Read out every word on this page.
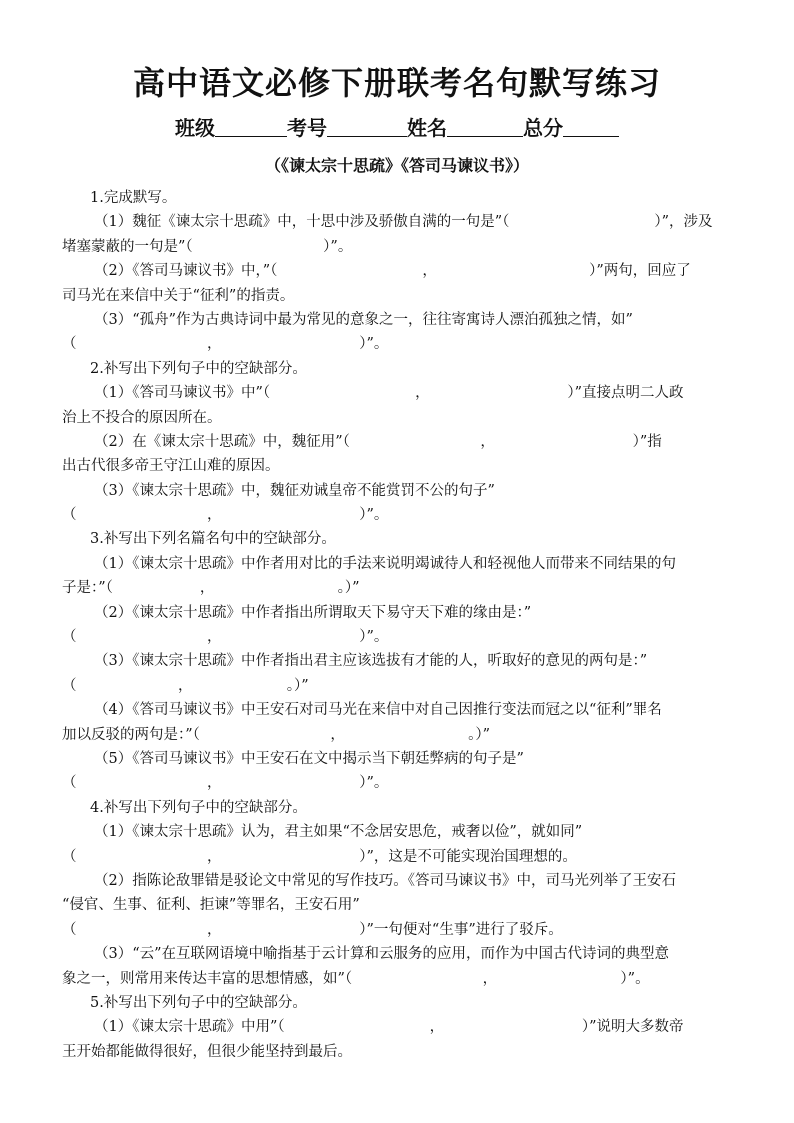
高中语文必修下册联考名句默写练习
班级	考号	姓名	总分
（《谏太宗十思疏》《答司马谏议书》）
1.完成默写。
（1）魏征《谏太宗十思疏》中，十思中涉及骄傲自满的一句是”（　　　　　　　　　　）”，涉及
堵塞蒙蔽的一句是”（　　　　　　　　　）”。
（2）《答司马谏议书》中，”（　　　　　　　　　　，　　　　　　　　　　　）”两句，回应了
司马光在来信中关于“征利”的指责。
（3）“孤舟”作为古典诗词中最为常见的意象之一，往往寄寓诗人漂泊孤独之情，如”
（　　　　　　　　　，　　　　　　　　　　）”。
2.补写出下列句子中的空缺部分。
（1）《答司马谏议书》中”（　　　　　　　　　　，　　　　　　　　　　）”直接点明二人政
治上不投合的原因所在。
（2）在《谏太宗十思疏》中，魏征用”（　　　　　　　　　，　　　　　　　　　　）”指
出古代很多帝王守江山难的原因。
（3）《谏太宗十思疏》中，魏征劝诫皇帝不能赏罚不公的句子”
（　　　　　　　　　，　　　　　　　　　　）”。
3.补写出下列名篇名句中的空缺部分。
（1）《谏太宗十思疏》中作者用对比的手法来说明竭诚待人和轻视他人而带来不同结果的句
子是：”（　　　　　　，　　　　　　　　　。）”
（2）《谏太宗十思疏》中作者指出所谓取天下易守天下难的缘由是：”
（　　　　　　　　　，　　　　　　　　　　）”。
（3）《谏太宗十思疏》中作者指出君主应该选拔有才能的人，听取好的意见的两句是：”
（　　　　　　　，　　　　　　　。）”
（4）《答司马谏议书》中王安石对司马光在来信中对自己因推行变法而冠之以“征利”罪名
加以反驳的两句是：”（　　　　　　　　　，　　　　　　　　　。）”
（5）《答司马谏议书》中王安石在文中揭示当下朝廷弊病的句子是”
（　　　　　　　　　，　　　　　　　　　　）”。
4.补写出下列句子中的空缺部分。
（1）《谏太宗十思疏》认为，君主如果“不念居安思危，戒奢以俭”，就如同”
（　　　　　　　　　，　　　　　　　　　　）”，这是不可能实现治国理想的。
（2）指陈论敌罪错是驳论文中常见的写作技巧。《答司马谏议书》中，司马光列举了王安石
“侵官、生事、征利、拒谏”等罪名，王安石用”
（　　　　　　　　　，　　　　　　　　　　）”一句便对“生事”进行了驳斥。
（3）“云”在互联网语境中喻指基于云计算和云服务的应用，而作为中国古代诗词的典型意
象之一，则常用来传达丰富的思想情感，如”（　　　　　　　　　，　　　　　　　　　）”。
5.补写出下列句子中的空缺部分。
（1）《谏太宗十思疏》中用”（　　　　　　　　　　，　　　　　　　　　　）”说明大多数帝
王开始都能做得很好，但很少能坚持到最后。
